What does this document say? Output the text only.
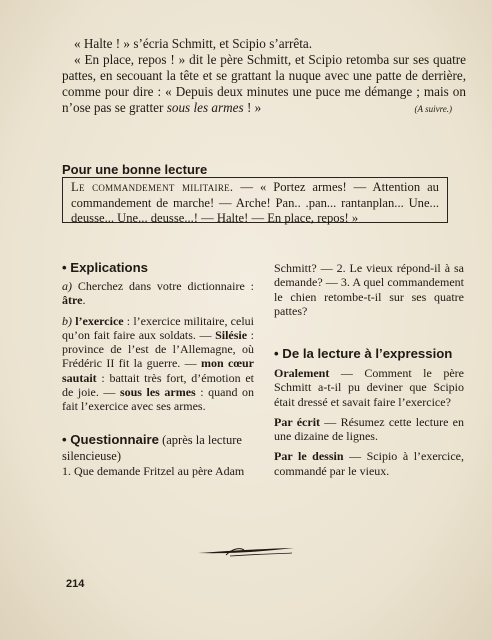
« Halte ! » s’écria Schmitt, et Scipio s’arrêta.
« En place, repos ! » dit le père Schmitt, et Scipio retomba sur ses quatre pattes, en secouant la tête et se grattant la nuque avec une patte de derrière, comme pour dire : « Depuis deux minutes une puce me démange ; mais on n’ose pas se gratter sous les armes ! »	(A suivre.)
Pour une bonne lecture
Le commandement militaire. — « Portez armes! — Attention au commandement de marche! — Arche! Pan.. .pan... rantanplan... Une... deusse... Une... deusse...! — Halte! — En place, repos! »
• Explications

a) Cherchez dans votre dictionnaire : âtre.

b) l’exercice : l’exercice militaire, celui qu’on fait faire aux soldats. — Silésie : province de l’est de l’Allemagne, où Frédéric II fit la guerre. — mon cœur sautait : battait très fort, d’émotion et de joie. — sous les armes : quand on fait l’exercice avec ses armes.

• Questionnaire (après la lecture silencieuse)

1. Que demande Fritzel au père Adam

Schmitt? — 2. Le vieux répond-il à sa demande? — 3. A quel commandement le chien retombe-t-il sur ses quatre pattes?

• De la lecture à l’expression

Oralement — Comment le père Schmitt a-t-il pu deviner que Scipio était dressé et savait faire l’exercice?

Par écrit — Résumez cette lecture en une dizaine de lignes.

Par le dessin — Scipio à l’exercice, commandé par le vieux.

214
